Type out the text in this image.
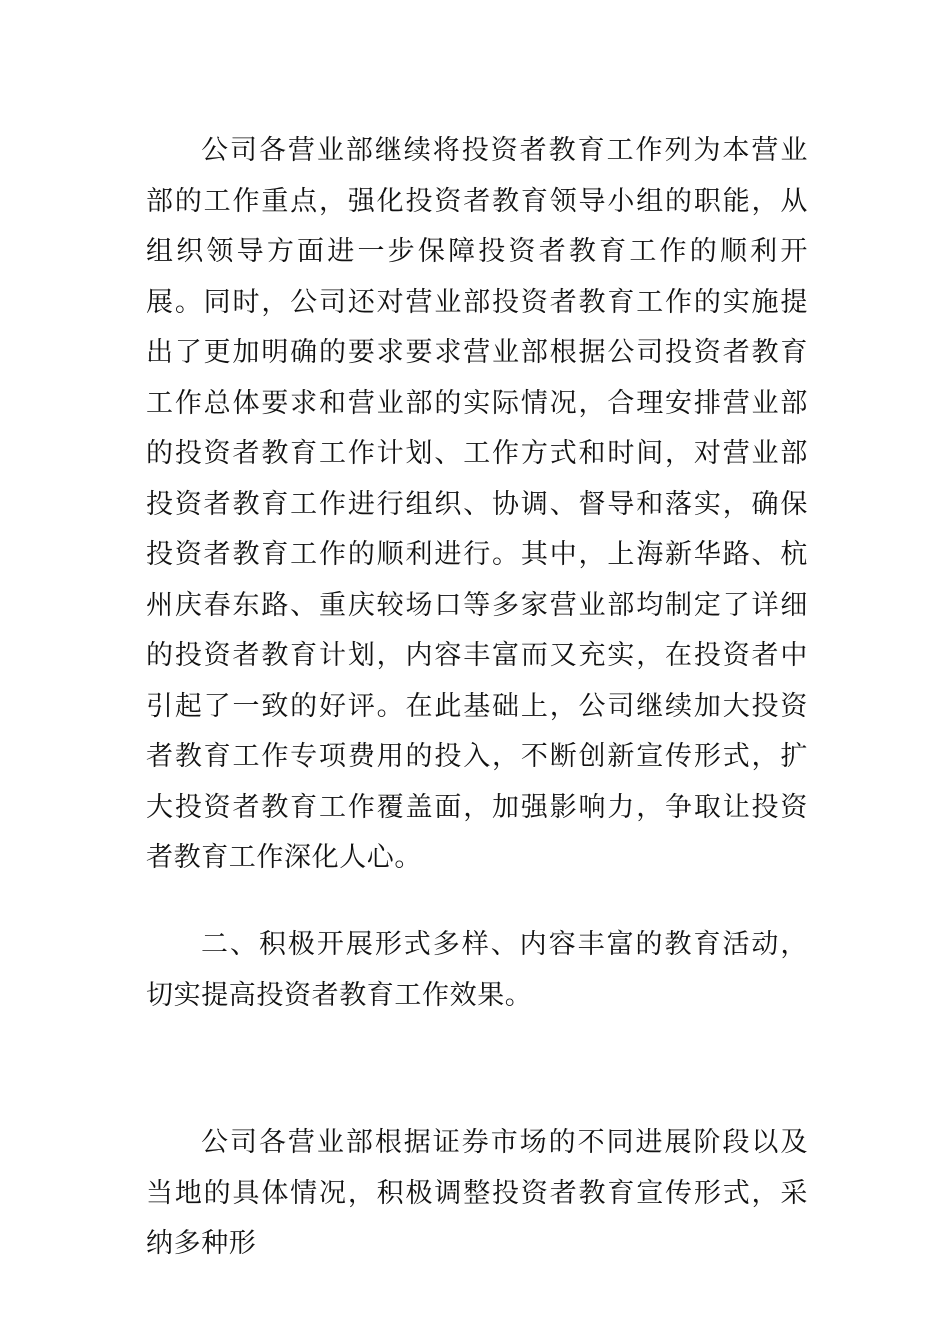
公司各营业部继续将投资者教育工作列为本营业部的工作重点，强化投资者教育领导小组的职能，从组织领导方面进一步保障投资者教育工作的顺利开展。同时，公司还对营业部投资者教育工作的实施提出了更加明确的要求要求营业部根据公司投资者教育工作总体要求和营业部的实际情况，合理安排营业部的投资者教育工作计划、工作方式和时间，对营业部投资者教育工作进行组织、协调、督导和落实，确保投资者教育工作的顺利进行。其中，上海新华路、杭州庆春东路、重庆较场口等多家营业部均制定了详细的投资者教育计划，内容丰富而又充实，在投资者中引起了一致的好评。在此基础上，公司继续加大投资者教育工作专项费用的投入，不断创新宣传形式，扩大投资者教育工作覆盖面，加强影响力，争取让投资者教育工作深化人心。

二、积极开展形式多样、内容丰富的教育活动，切实提高投资者教育工作效果。

公司各营业部根据证券市场的不同进展阶段以及当地的具体情况，积极调整投资者教育宣传形式，采纳多种形
